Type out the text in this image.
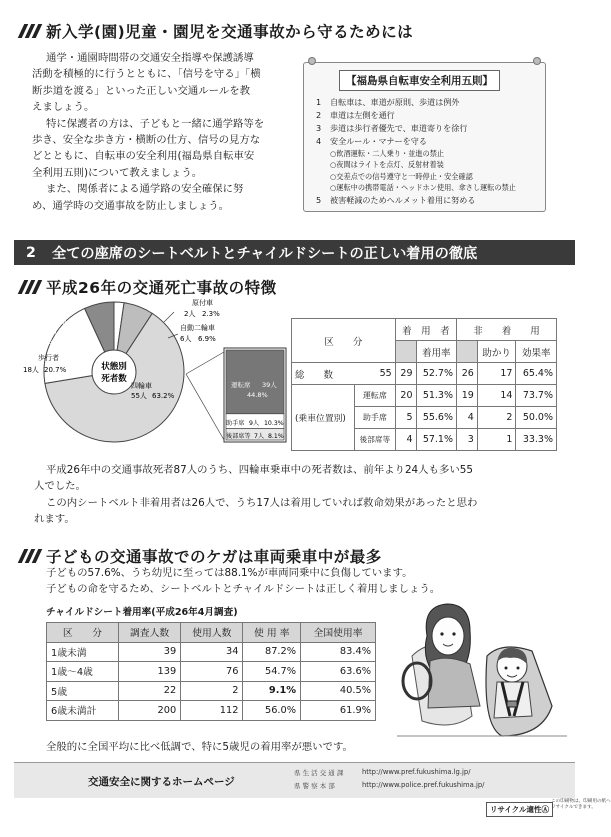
新入学(園)児童・園児を交通事故から守るためには
通学・通園時間帯の交通安全指導や保護誘導
活動を積極的に行うとともに、「信号を守る」「横
断歩道を渡る」といった正しい交通ルールを教
えましょう。
特に保護者の方は、子どもと一緒に通学路等を
歩き、安全な歩き方・横断の仕方、信号の見方な
どとともに、自転車の安全利用(福島県自転車安
全利用五則)について教えましょう。
また、関係者による通学路の安全確保に努
め、通学時の交通事故を防止しましょう。
【福島県自転車安全利用五則】
1 自転車は、車道が原則、歩道は例外
2 車道は左側を通行
3 歩道は歩行者優先で、車道寄りを徐行
4 安全ルール・マナーを守る
○飲酒運転・二人乗り・並進の禁止
○夜間はライトを点灯、反射材着装
○交差点での信号遵守と一時停止・安全確認
○運転中の携帯電話・ヘッドホン使用、傘さし運転の禁止
5 被害軽減のためヘルメット着用に努める
2	全ての座席のシートベルトとチャイルドシートの正しい着用の徹底
平成26年の交通死亡事故の特徴
状態別
死者数
四輪車
55人 63.2%
歩行者
18人 20.7%
自転車
6人
6.9%
原付車
2人 2.3%
自動二輪車
6人 6.9%
運転席 39人
44.8%
助手席 9人 10.3%
後部席等 7人 8.1%
区　　分		着　用　者		非　　着　　用		
			着用率		助かり	効果率
総　　数	55	29	52.7%	26	17	65.4%
(乗車位置別)	運転席	20	51.3%	19	14	73.7%
	助手席	5	55.6%	4	2	50.0%
	後部席等	4	57.1%	3	1	33.3%
平成26年中の交通事故死者87人のうち、四輪車乗車中の死者数は、前年より24人も多い55
人でした。
この内シートベルト非着用者は26人で、うち17人は着用していれば救命効果があったと思わ
れます。
子どもの交通事故でのケガは車両乗車中が最多
子どもの57.6%、うち幼児に至っては88.1%が車両同乗中に負傷しています。
子どもの命を守るため、シートベルトとチャイルドシートは正しく着用しましょう。
チャイルドシート着用率(平成26年4月調査)
区　　分	調査人数	使用人数	使 用 率	全国使用率
1歳未満	39	34	87.2%	83.4%
1歳～4歳	139	76	54.7%	63.6%
5歳	22	2	9.1%	40.5%
6歳未満計	200	112	56.0%	61.9%
全般的に全国平均に比べ低調で、特に5歳児の着用率が悪いです。
交通安全に関するホームページ
県 生 活 交 通 課	http://www.pref.fukushima.lg.jp/
県 警 察 本 部	http://www.police.pref.fukushima.jp/
リサイクル適性Ⓐ
この印刷物は、印刷用の紙へ
リサイクルできます。
